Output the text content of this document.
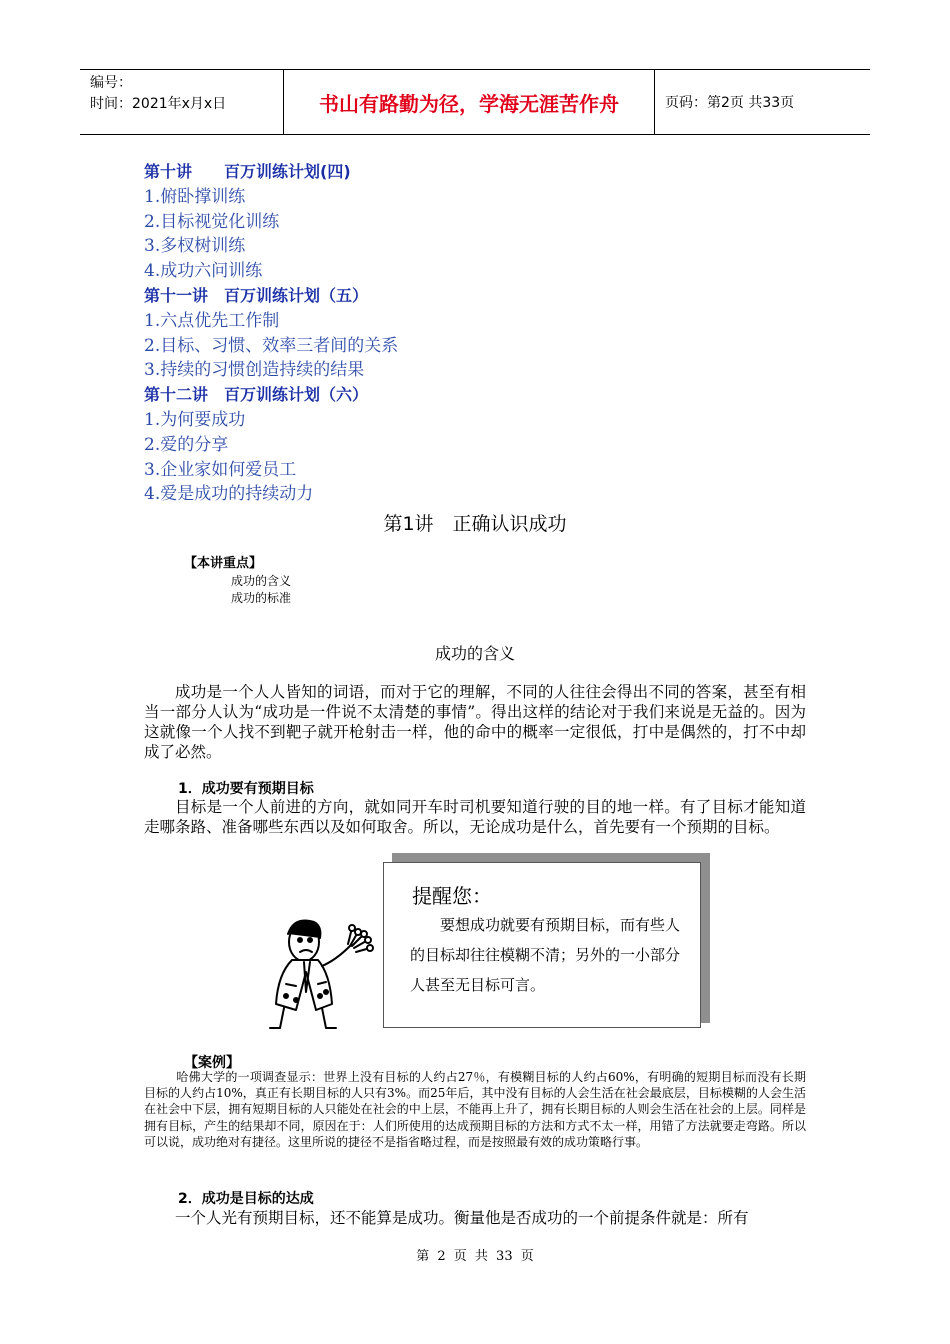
编号：
时间：2021年x月x日	书山有路勤为径，学海无涯苦作舟	页码：第2页 共33页
第十讲　　百万训练计划(四)
1.俯卧撑训练
2.目标视觉化训练
3.多杈树训练
4.成功六问训练
第十一讲　百万训练计划（五）
1.六点优先工作制
2.目标、习惯、效率三者间的关系
3.持续的习惯创造持续的结果
第十二讲　百万训练计划（六）
1.为何要成功
2.爱的分享
3.企业家如何爱员工
4.爱是成功的持续动力
第1讲　正确认识成功
【本讲重点】
成功的含义
成功的标准
成功的含义
成功是一个人人皆知的词语，而对于它的理解，不同的人往往会得出不同的答案，甚至有相当一部分人认为“成功是一件说不太清楚的事情”。得出这样的结论对于我们来说是无益的。因为这就像一个人找不到靶子就开枪射击一样，他的命中的概率一定很低，打中是偶然的，打不中却成了必然。
1．成功要有预期目标
目标是一个人前进的方向，就如同开车时司机要知道行驶的目的地一样。有了目标才能知道走哪条路、准备哪些东西以及如何取舍。所以，无论成功是什么，首先要有一个预期的目标。
提醒您：
要想成功就要有预期目标，而有些人的目标却往往模糊不清；另外的一小部分人甚至无目标可言。
【案例】
哈佛大学的一项调查显示：世界上没有目标的人约占27％，有模糊目标的人约占60%，有明确的短期目标而没有长期目标的人约占10%，真正有长期目标的人只有3%。而25年后，其中没有目标的人会生活在社会最底层，目标模糊的人会生活在社会中下层，拥有短期目标的人只能处在社会的中上层，不能再上升了，拥有长期目标的人则会生活在社会的上层。同样是拥有目标，产生的结果却不同，原因在于：人们所使用的达成预期目标的方法和方式不太一样，用错了方法就要走弯路。所以可以说，成功绝对有捷径。这里所说的捷径不是指省略过程，而是按照最有效的成功策略行事。
2．成功是目标的达成
一个人光有预期目标，还不能算是成功。衡量他是否成功的一个前提条件就是：所有
第 2 页 共 33 页
